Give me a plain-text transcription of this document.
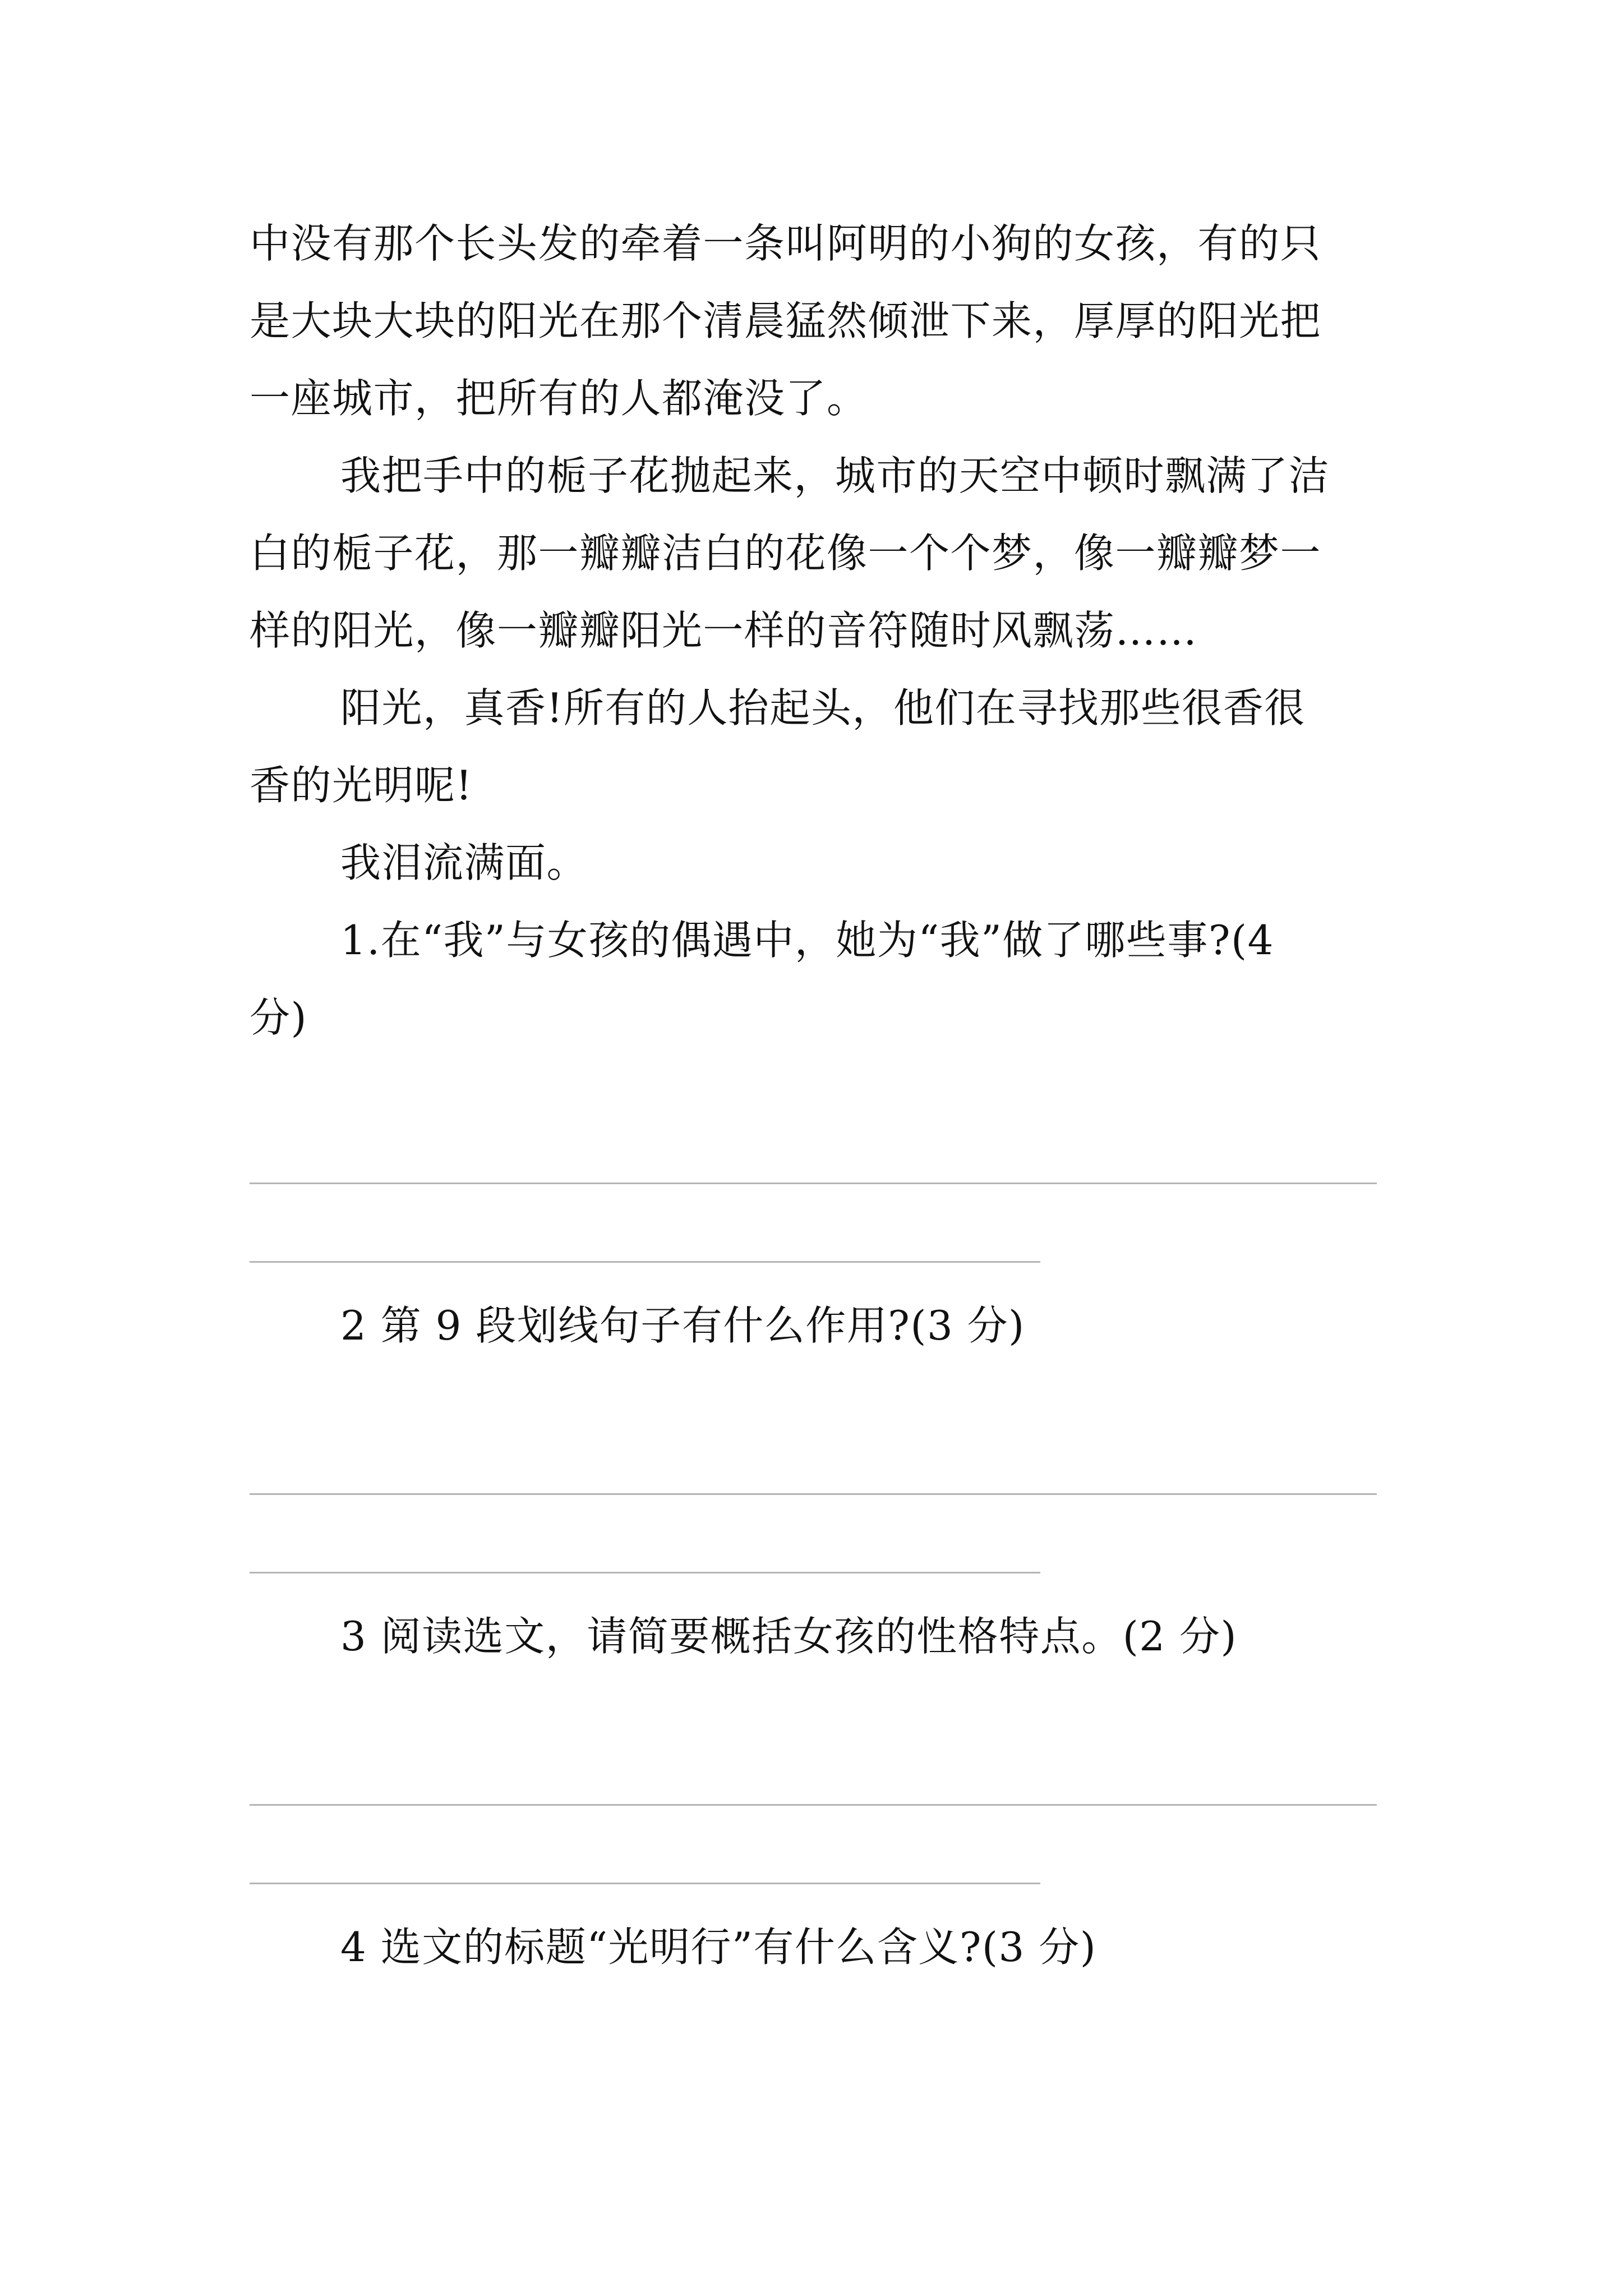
中没有那个长头发的牵着一条叫阿明的小狗的女孩，有的只
是大块大块的阳光在那个清晨猛然倾泄下来，厚厚的阳光把
一座城市，把所有的人都淹没了。
我把手中的栀子花抛起来，城市的天空中顿时飘满了洁
白的栀子花，那一瓣瓣洁白的花像一个个梦，像一瓣瓣梦一
样的阳光，像一瓣瓣阳光一样的音符随时风飘荡……
阳光，真香!所有的人抬起头，他们在寻找那些很香很
香的光明呢!
我泪流满面。
1.在“我”与女孩的偶遇中，她为“我”做了哪些事?(4
分)
2 第 9 段划线句子有什么作用?(3 分)
3 阅读选文，请简要概括女孩的性格特点。(2 分)
4 选文的标题“光明行”有什么含义?(3 分)
